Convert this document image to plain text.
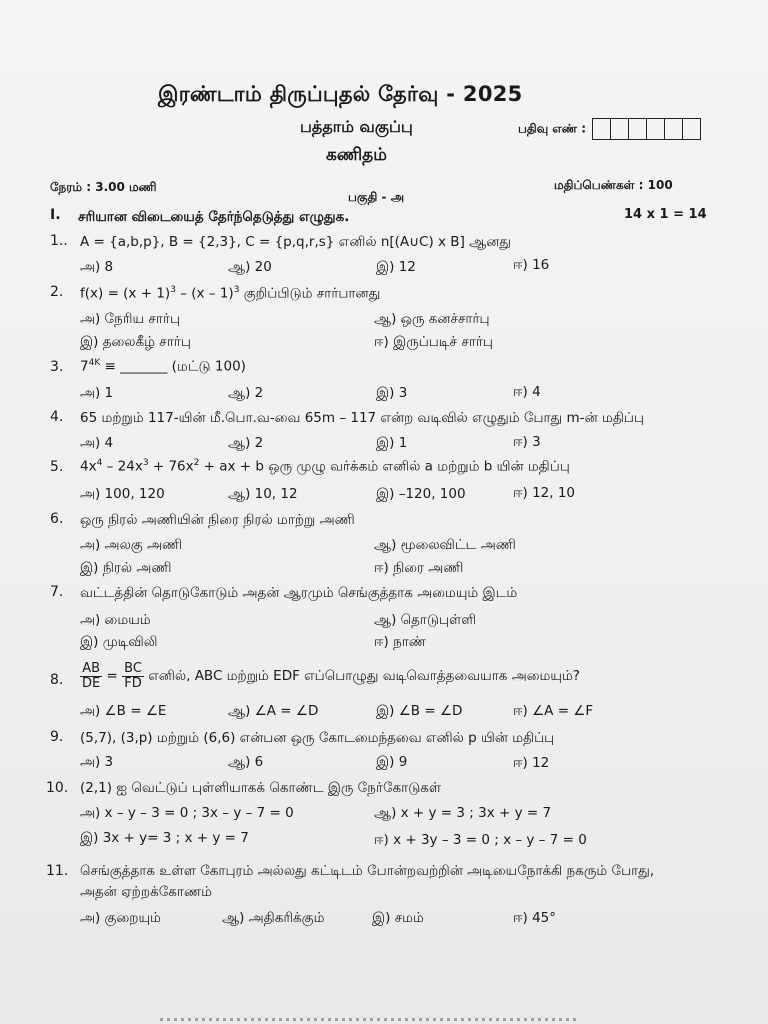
இரண்டாம் திருப்புதல் தேர்வு - 2025
பத்தாம் வகுப்பு
கணிதம்
பதிவு எண் :
நேரம் : 3.00 மணி	மதிப்பெண்கள் : 100
பகுதி - அ
I. சரியான விடையைத் தேர்ந்தெடுத்து எழுதுக.	14 x 1 = 14
1.. A = {a,b,p}, B = {2,3}, C = {p,q,r,s} எனில் n[(A∪C) x B] ஆனது
அ) 8	ஆ) 20	இ) 12	ஈ) 16
2. $f(x) = (x + 1)^3 - (x - 1)^3$ குறிப்பிடும் சார்பானது
அ) நேரிய சார்பு	ஆ) ஒரு கனச்சார்பு
இ) தலைகீழ் சார்பு	ஈ) இருப்படிச் சார்பு
3. $7^{4K}$ ≡ _______ (மட்டு 100)
அ) 1	ஆ) 2	இ) 3	ஈ) 4
4. 65 மற்றும் 117-யின் மீ.பொ.வ-வை 65m – 117 என்ற வடிவில் எழுதும் போது m-ன் மதிப்பு
அ) 4	ஆ) 2	இ) 1	ஈ) 3
5. $4x^4 - 24x^3 + 76x^2$ + ax + b ஒரு முழு வர்க்கம் எனில் a மற்றும் b யின் மதிப்பு
அ) 100, 120	ஆ) 10, 12	இ) –120, 100	ஈ) 12, 10
6. ஒரு நிரல் அணியின் நிரை நிரல் மாற்று அணி
அ) அலகு அணி	ஆ) மூலைவிட்ட அணி
இ) நிரல் அணி	ஈ) நிரை அணி
7. வட்டத்தின் தொடுகோடும் அதன் ஆரமும் செங்குத்தாக அமையும் இடம்
அ) மையம்	ஆ) தொடுபுள்ளி
இ) முடிவிலி	ஈ) நாண்
8. $\frac{AB}{DE} = \frac{BC}{FD}$ எனில், ABC மற்றும் EDF எப்பொழுது வடிவொத்தவையாக அமையும்?
அ) ∠B = ∠E	ஆ) ∠A = ∠D	இ) ∠B = ∠D	ஈ) ∠A = ∠F
9. (5,7), (3,p) மற்றும் (6,6) என்பன ஒரு கோடமைந்தவை எனில் p யின் மதிப்பு
அ) 3	ஆ) 6	இ) 9	ஈ) 12
10. (2,1) ஐ வெட்டுப் புள்ளியாகக் கொண்ட இரு நேர்கோடுகள்
அ) x – y – 3 = 0 ; 3x – y – 7 = 0	ஆ) x + y = 3 ; 3x + y = 7
இ) 3x + y= 3 ; x + y = 7	ஈ) x + 3y – 3 = 0 ; x – y – 7 = 0
11. செங்குத்தாக உள்ள கோபுரம் அல்லது கட்டிடம் போன்றவற்றின் அடியைநோக்கி நகரும் போது,
அதன் ஏற்றக்கோணம்
அ) குறையும்	ஆ) அதிகரிக்கும்	இ) சமம்	ஈ) 45°
